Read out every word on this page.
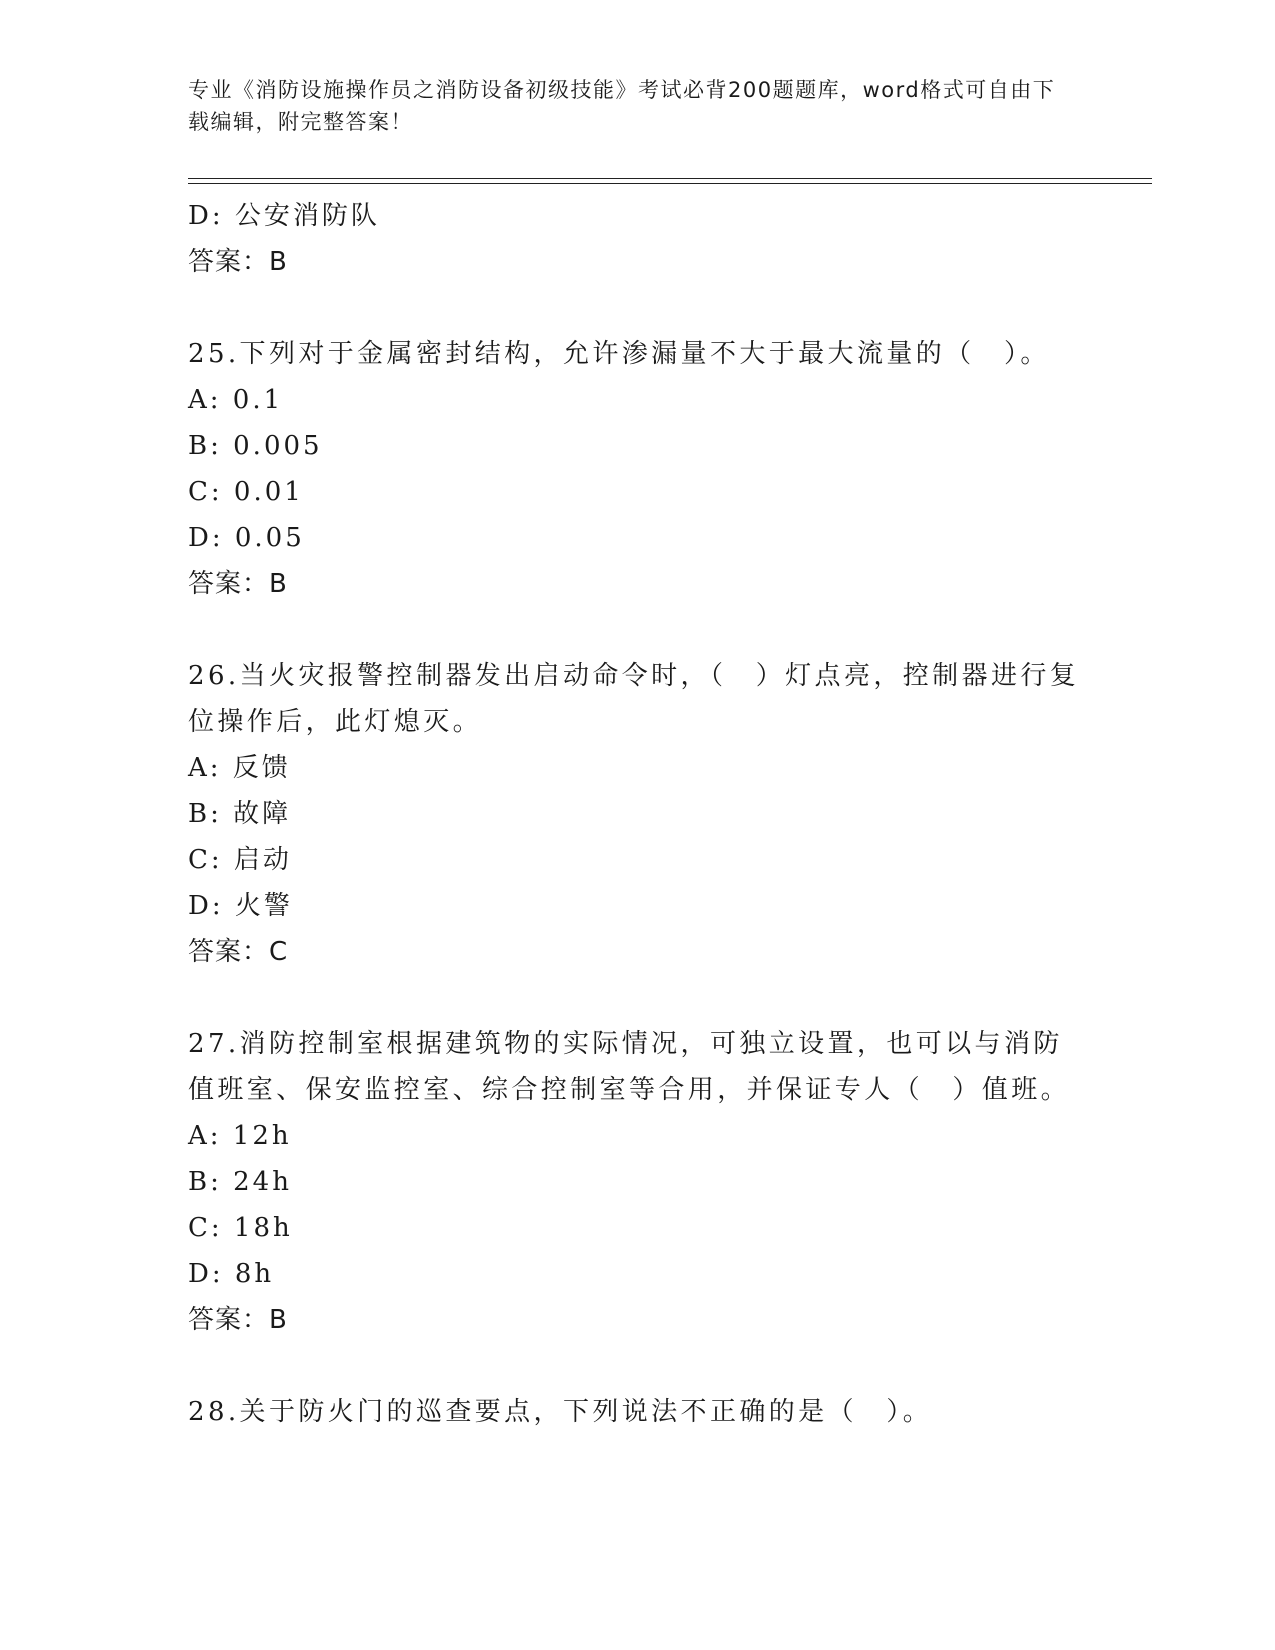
专业《消防设施操作员之消防设备初级技能》考试必背200题题库，word格式可自由下载编辑，附完整答案！
D: 公安消防队
答案：B
25.下列对于金属密封结构，允许渗漏量不大于最大流量的（　）。
A: 0.1
B: 0.005
C: 0.01
D: 0.05
答案：B
26.当火灾报警控制器发出启动命令时，（　）灯点亮，控制器进行复位操作后，此灯熄灭。
A: 反馈
B: 故障
C: 启动
D: 火警
答案：C
27.消防控制室根据建筑物的实际情况，可独立设置，也可以与消防值班室、保安监控室、综合控制室等合用，并保证专人（　）值班。
A: 12h
B: 24h
C: 18h
D: 8h
答案：B
28.关于防火门的巡查要点，下列说法不正确的是（　）。
